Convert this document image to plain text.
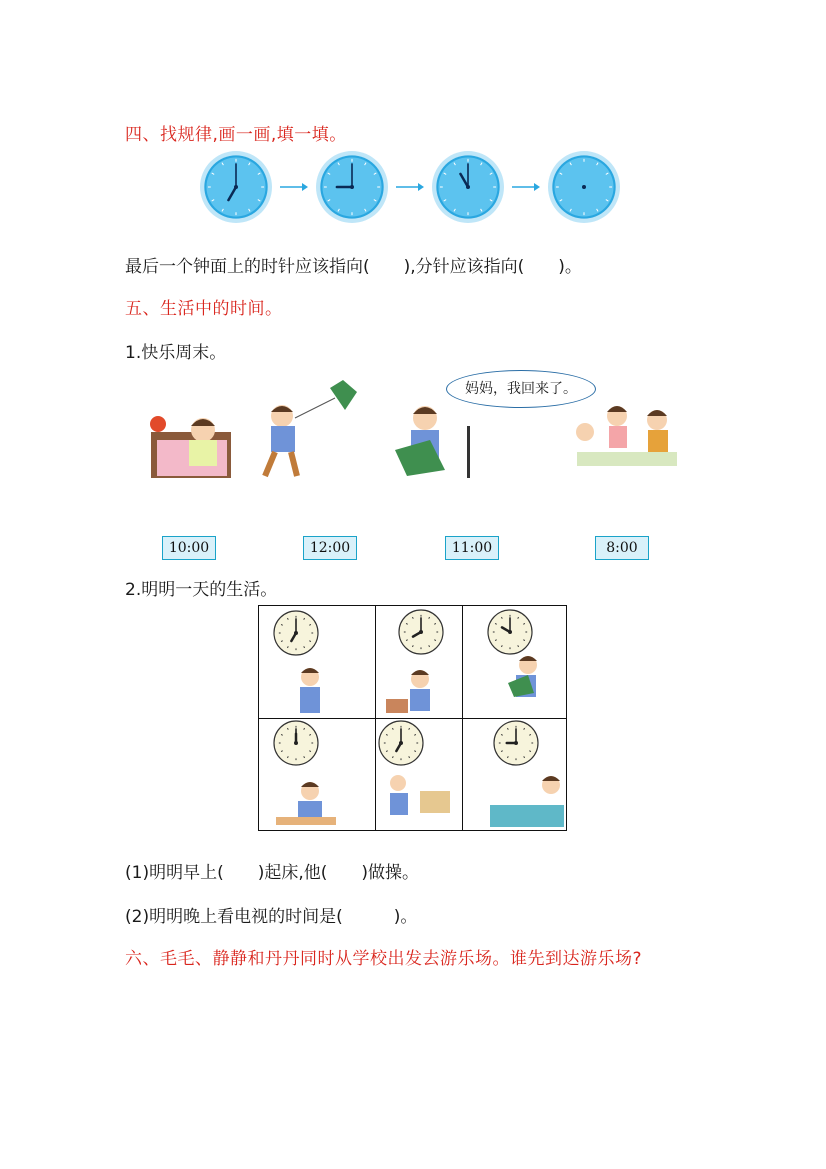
四、找规律,画一画,填一填。
最后一个钟面上的时针应该指向(　　),分针应该指向(　　)。
五、生活中的时间。
1.快乐周末。
妈妈，我回来了。
10:00	12:00	11:00	8:00
2.明明一天的生活。
(1)明明早上(　　)起床,他(　　)做操。
(2)明明晚上看电视的时间是(　　　)。
六、毛毛、静静和丹丹同时从学校出发去游乐场。谁先到达游乐场?
